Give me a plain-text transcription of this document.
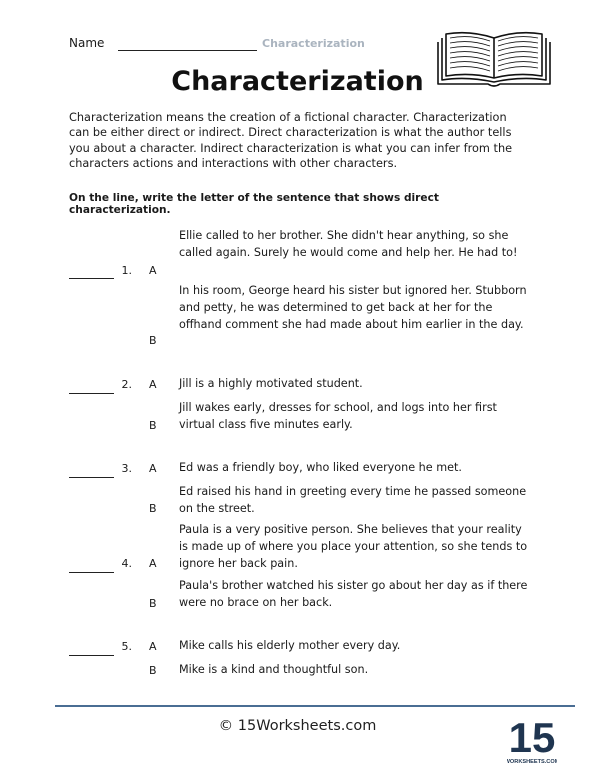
Name	Characterization
Characterization
Characterization means the creation of a fictional character. Characterization can be either direct or indirect. Direct characterization is what the author tells you about a character. Indirect characterization is what you can infer from the characters actions and interactions with other characters.
On the line, write the letter of the sentence that shows direct characterization.
1. A
Ellie called to her brother. She didn't hear anything, so she called again. Surely he would come and help her. He had to!
B
In his room, George heard his sister but ignored her. Stubborn and petty, he was determined to get back at her for the offhand comment she had made about him earlier in the day.
2. A Jill is a highly motivated student.
B
Jill wakes early, dresses for school, and logs into her first virtual class five minutes early.
3. A Ed was a friendly boy, who liked everyone he met.
B
Ed raised his hand in greeting every time he passed someone on the street.
4. A
Paula is a very positive person. She believes that your reality is made up of where you place your attention, so she tends to ignore her back pain.
B
Paula's brother watched his sister go about her day as if there were no brace on her back.
5. A Mike calls his elderly mother every day.
B Mike is a kind and thoughtful son.
© 15Worksheets.com	15
WORKSHEETS.COM
